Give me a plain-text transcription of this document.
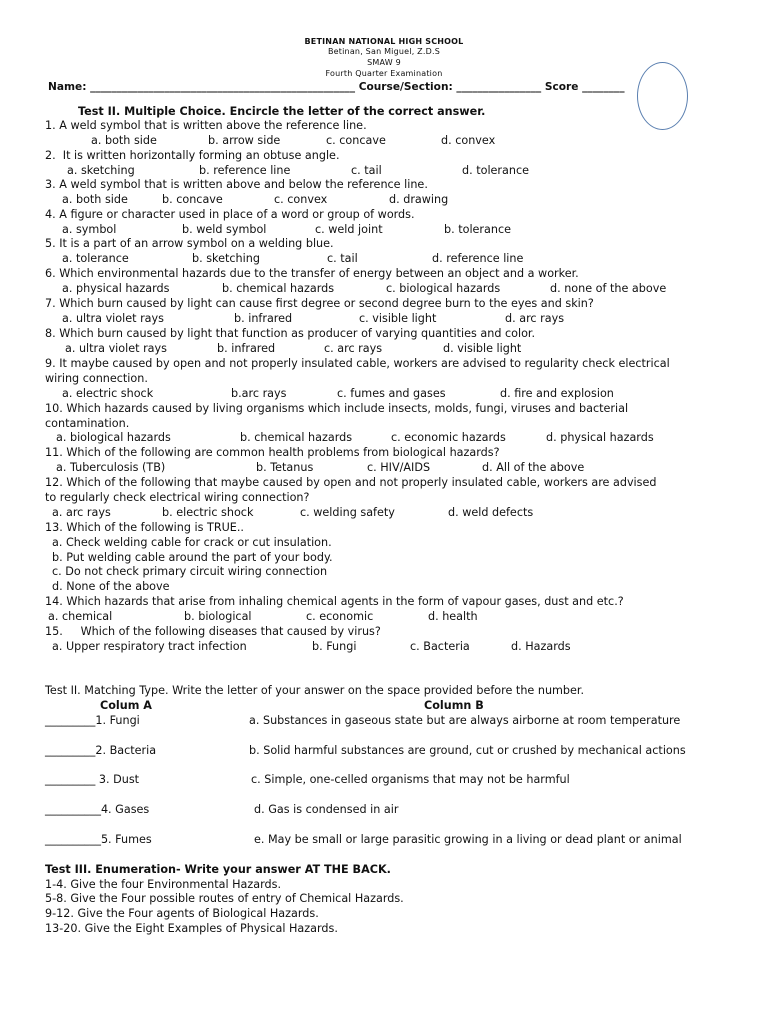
BETINAN NATIONAL HIGH SCHOOL
Betinan, San Miguel, Z.D.S
SMAW 9
Fourth Quarter Examination
Name: __________________________________________________ Course/Section: ________________ Score ________
Test II. Multiple Choice. Encircle the letter of the correct answer.
1. A weld symbol that is written above the reference line.
a. both side	b. arrow side	c. concave	d. convex
2.  It is written horizontally forming an obtuse angle.
a. sketching	b. reference line	c. tail	d. tolerance
3. A weld symbol that is written above and below the reference line.
a. both side	b. concave	c. convex	d. drawing
4. A figure or character used in place of a word or group of words.
a. symbol	b. weld symbol	c. weld joint	b. tolerance
5. It is a part of an arrow symbol on a welding blue.
a. tolerance	b. sketching	c. tail	d. reference line
6. Which environmental hazards due to the transfer of energy between an object and a worker.
a. physical hazards	b. chemical hazards	c. biological hazards	d. none of the above
7. Which burn caused by light can cause first degree or second degree burn to the eyes and skin?
a. ultra violet rays	b. infrared	c. visible light	d. arc rays
8. Which burn caused by light that function as producer of varying quantities and color.
a. ultra violet rays	b. infrared	c. arc rays	d. visible light
9. It maybe caused by open and not properly insulated cable, workers are advised to regularity check electrical
wiring connection.
a. electric shock	b.arc rays	c. fumes and gases	d. fire and explosion
10. Which hazards caused by living organisms which include insects, molds, fungi, viruses and bacterial
contamination.
a. biological hazards	b. chemical hazards	c. economic hazards	d. physical hazards
11. Which of the following are common health problems from biological hazards?
a. Tuberculosis (TB)	b. Tetanus	c. HIV/AIDS	d. All of the above
12. Which of the following that maybe caused by open and not properly insulated cable, workers are advised
to regularly check electrical wiring connection?
a. arc rays	b. electric shock	c. welding safety	d. weld defects
13. Which of the following is TRUE..
a. Check welding cable for crack or cut insulation.
b. Put welding cable around the part of your body.
c. Do not check primary circuit wiring connection
d. None of the above
14. Which hazards that arise from inhaling chemical agents in the form of vapour gases, dust and etc.?
a. chemical	b. biological	c. economic	d. health
15.     Which of the following diseases that caused by virus?
a. Upper respiratory tract infection	b. Fungi	c. Bacteria	d. Hazards
Test II. Matching Type. Write the letter of your answer on the space provided before the number.
Colum A	Column B
_________1. Fungi	a. Substances in gaseous state but are always airborne at room temperature
_________2. Bacteria	b. Solid harmful substances are ground, cut or crushed by mechanical actions
_________ 3. Dust	c. Simple, one-celled organisms that may not be harmful
__________4. Gases	d. Gas is condensed in air
__________5. Fumes	e. May be small or large parasitic growing in a living or dead plant or animal
Test III. Enumeration- Write your answer AT THE BACK.
1-4. Give the four Environmental Hazards.
5-8. Give the Four possible routes of entry of Chemical Hazards.
9-12. Give the Four agents of Biological Hazards.
13-20. Give the Eight Examples of Physical Hazards.
